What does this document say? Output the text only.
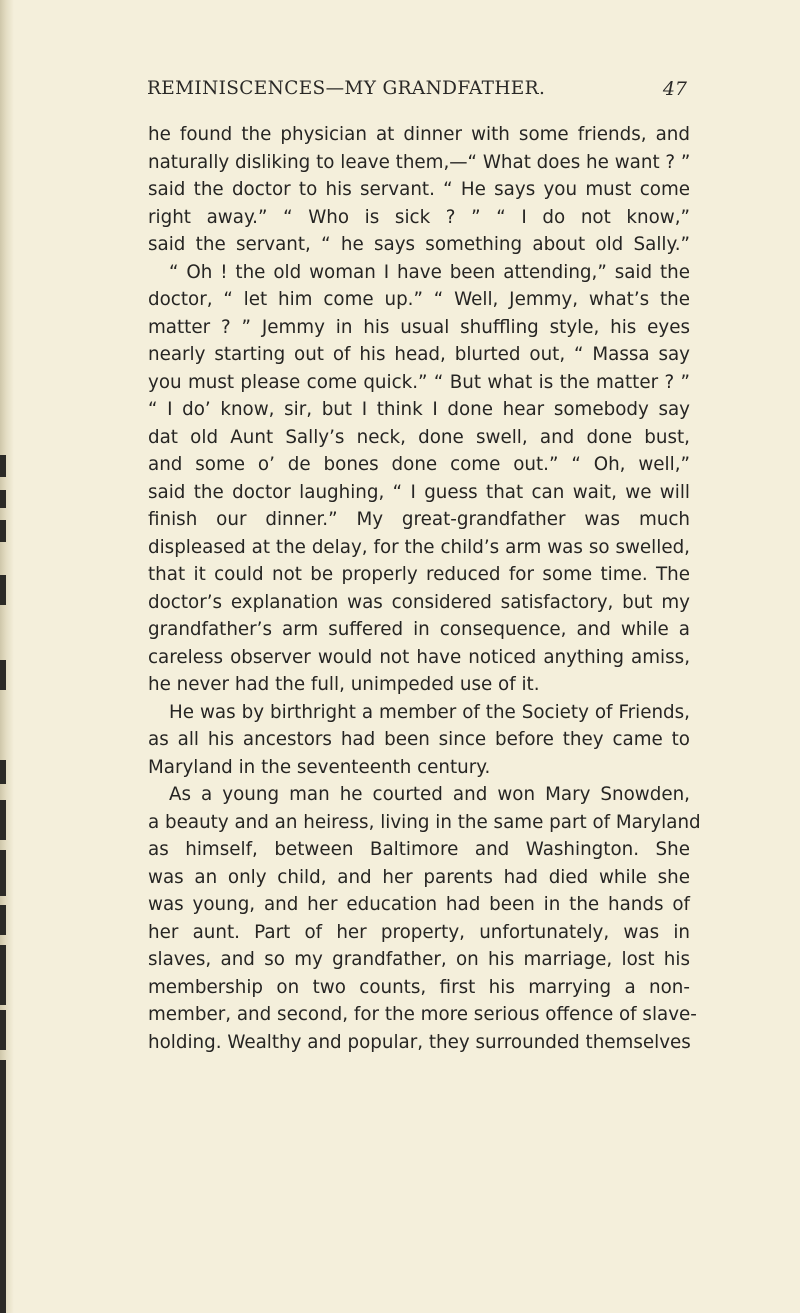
REMINISCENCES—MY GRANDFATHER.	47
he found the physician at dinner with some friends, and
naturally disliking to leave them,—“ What does he want ? ”
said the doctor to his servant. “ He says you must come
right away.” “ Who is sick ? ” “ I do not know,”
said the servant, “ he says something about old Sally.”
“ Oh ! the old woman I have been attending,” said the
doctor, “ let him come up.” “ Well, Jemmy, what’s the
matter ? ” Jemmy in his usual shuffling style, his eyes
nearly starting out of his head, blurted out, “ Massa say
you must please come quick.” “ But what is the matter ? ”
“ I do’ know, sir, but I think I done hear somebody say
dat old Aunt Sally’s neck, done swell, and done bust,
and some o’ de bones done come out.” “ Oh, well,”
said the doctor laughing, “ I guess that can wait, we will
finish our dinner.” My great-grandfather was much
displeased at the delay, for the child’s arm was so swelled,
that it could not be properly reduced for some time. The
doctor’s explanation was considered satisfactory, but my
grandfather’s arm suffered in consequence, and while a
careless observer would not have noticed anything amiss,
he never had the full, unimpeded use of it.
He was by birthright a member of the Society of Friends,
as all his ancestors had been since before they came to
Maryland in the seventeenth century.
As a young man he courted and won Mary Snowden,
a beauty and an heiress, living in the same part of Maryland
as himself, between Baltimore and Washington. She
was an only child, and her parents had died while she
was young, and her education had been in the hands of
her aunt. Part of her property, unfortunately, was in
slaves, and so my grandfather, on his marriage, lost his
membership on two counts, first his marrying a non-
member, and second, for the more serious offence of slave-
holding. Wealthy and popular, they surrounded themselves
